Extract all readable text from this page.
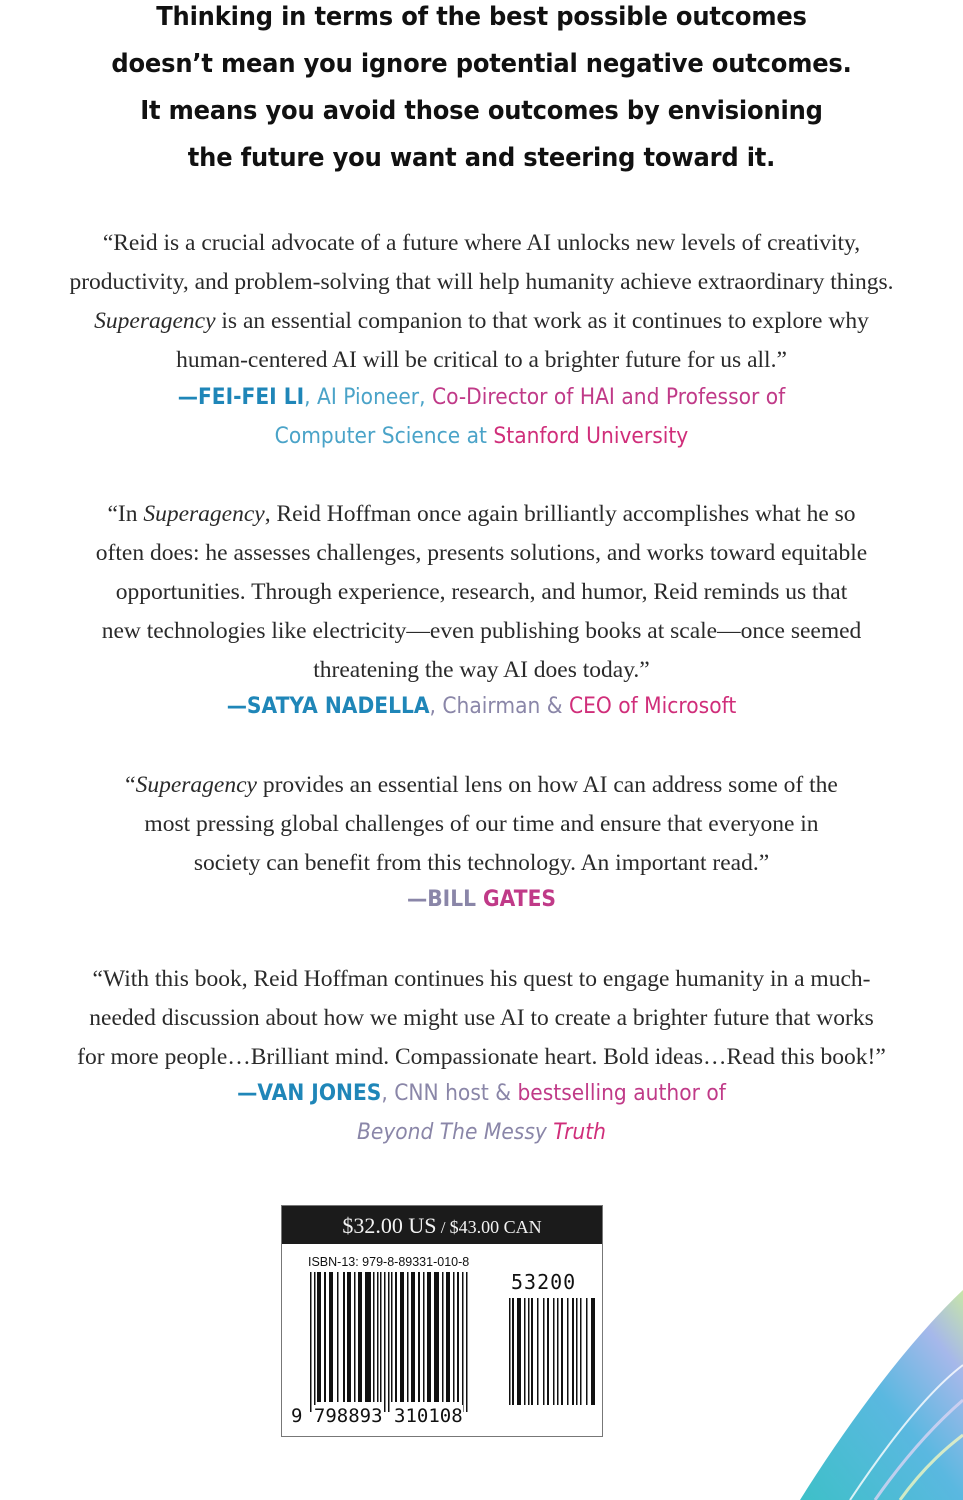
Thinking in terms of the best possible outcomes
doesn’t mean you ignore potential negative outcomes.
It means you avoid those outcomes by envisioning
the future you want and steering toward it.
“Reid is a crucial advocate of a future where AI unlocks new levels of creativity,
productivity, and problem-solving that will help humanity achieve extraordinary things.
Superagency is an essential companion to that work as it continues to explore why
human-centered AI will be critical to a brighter future for us all.”
—FEI-FEI LI, AI Pioneer, Co-Director of HAI and Professor of
Computer Science at Stanford University
“In Superagency, Reid Hoffman once again brilliantly accomplishes what he so
often does: he assesses challenges, presents solutions, and works toward equitable
opportunities. Through experience, research, and humor, Reid reminds us that
new technologies like electricity—even publishing books at scale—once seemed
threatening the way AI does today.”
—SATYA NADELLA, Chairman & CEO of Microsoft
“Superagency provides an essential lens on how AI can address some of the
most pressing global challenges of our time and ensure that everyone in
society can benefit from this technology. An important read.”
—BILL GATES
“With this book, Reid Hoffman continues his quest to engage humanity in a much-
needed discussion about how we might use AI to create a brighter future that works
for more people…Brilliant mind. Compassionate heart. Bold ideas…Read this book!”
—VAN JONES, CNN host & bestselling author of
Beyond The Messy Truth
$32.00 US / $43.00 CAN
ISBN-13: 979-8-89331-010-8
53200
9 798893 310108
